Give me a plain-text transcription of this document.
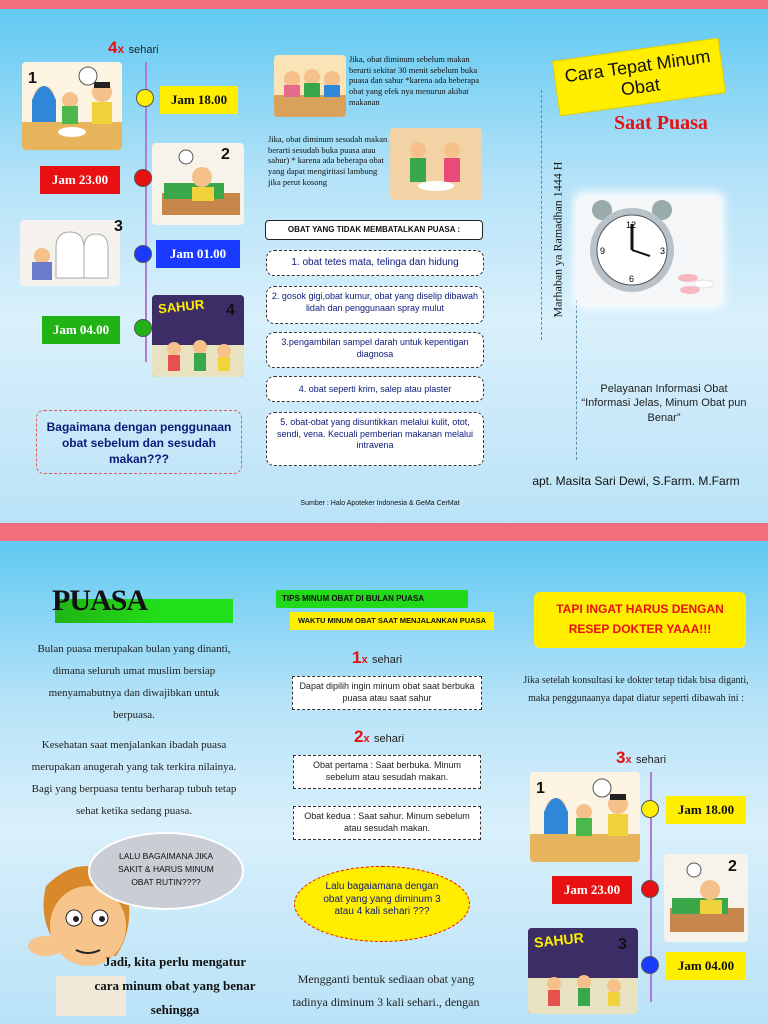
4x sehari
1
Jam 18.00
2
Jam 23.00
3
Jam 01.00
SAHUR 4
Jam 04.00
Bagaimana dengan penggunaan obat sebelum dan sesudah makan???
Jika, obat diminum sebelum makan berarti sekitar 30 menit sebelum buka puasa dan sahur *karena ada beberapa obat yang efek nya menurun akibat makanan
Jika, obat diminum sesudah makan berarti sesudah buka puasa atau sahur) * karena ada beberapa obat yang dapat mengiritasi lambung jika perut kosong
OBAT YANG TIDAK MEMBATALKAN PUASA :
1. obat tetes mata, telinga dan hidung
2. gosok gigi,obat kumur, obat yang diselip dibawah lidah dan penggunaan spray mulut
3.pengambilan sampel darah untuk kepentigan diagnosa
4. obat seperti krim, salep atau plaster
5. obat-obat yang disuntikkan melalui kulit, otot, sendi, vena. Kecuali pemberian makanan melalui intravena
Sumber : Halo Apoteker Indonesia & GeMa CerMat
Cara Tepat Minum Obat
Saat Puasa
Marhaban ya Ramadhan 1444 H	12
3
6
9
Pelayanan Informasi Obat “Informasi Jelas, Minum Obat pun Benar”
apt. Masita Sari Dewi, S.Farm. M.Farm
PUASA
Bulan puasa merupakan bulan yang dinanti, dimana seluruh umat muslim bersiap menyamabutnya dan diwajibkan untuk berpuasa.
Kesehatan saat menjalankan ibadah puasa merupakan anugerah yang tak terkira nilainya. Bagi yang berpuasa tentu berharap tubuh tetap sehat ketika sedang puasa.
LALU BAGAIMANA JIKA SAKIT & HARUS MINUM OBAT RUTIN????
Jadi, kita perlu mengatur cara minum obat yang benar sehingga
TIPS MINUM OBAT DI BULAN PUASA
WAKTU MINUM OBAT SAAT MENJALANKAN PUASA
1x sehari
Dapat dipilih ingin minum obat saat berbuka puasa atau saat sahur
2x sehari
Obat pertama : Saat berbuka. Minum sebelum atau sesudah makan.
Obat kedua : Saat sahur. Minum sebelum atau sesudah makan.
Lalu bagaiamana dengan obat yang yang diminum 3 atau 4 kali sehari ???
Mengganti bentuk sediaan obat yang tadinya diminum 3 kali sehari., dengan
TAPI INGAT HARUS DENGAN RESEP DOKTER YAAA!!!
Jika setelah konsultasi ke dokter tetap tidak bisa diganti, maka penggunaanya dapat diatur seperti dibawah ini :
3x sehari
1
Jam 18.00
2
Jam 23.00
SAHUR 3
Jam 04.00
